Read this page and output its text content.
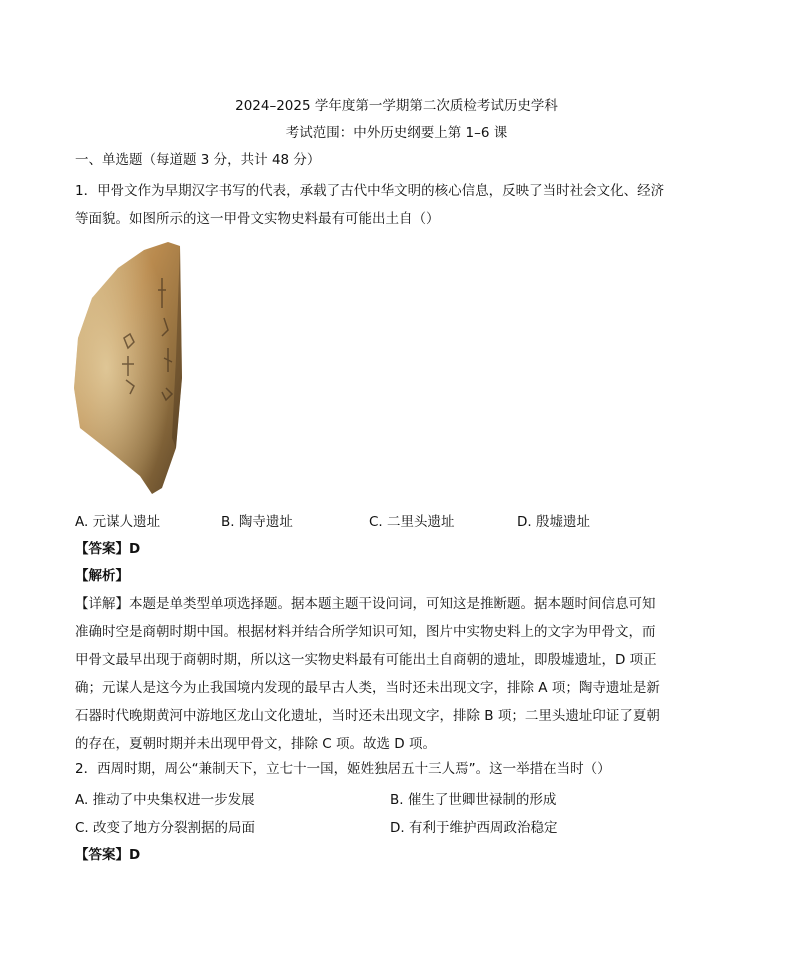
2024–2025 学年度第一学期第二次质检考试历史学科
考试范围：中外历史纲要上第 1–6 课
一、单选题（每道题 3 分，共计 48 分）
1．甲骨文作为早期汉字书写的代表，承载了古代中华文明的核心信息，反映了当时社会文化、经济
等面貌。如图所示的这一甲骨文实物史料最有可能出土自（）
A. 元谋人遗址	B. 陶寺遗址	C. 二里头遗址	D. 殷墟遗址
【答案】D
【解析】
【详解】本题是单类型单项选择题。据本题主题干设问词，可知这是推断题。据本题时间信息可知
准确时空是商朝时期中国。根据材料并结合所学知识可知，图片中实物史料上的文字为甲骨文，而
甲骨文最早出现于商朝时期，所以这一实物史料最有可能出土自商朝的遗址，即殷墟遗址，D 项正
确；元谋人是这今为止我国境内发现的最早古人类，当时还未出现文字，排除 A 项；陶寺遗址是新
石器时代晚期黄河中游地区龙山文化遗址，当时还未出现文字，排除 B 项；二里头遗址印证了夏朝
的存在，夏朝时期并未出现甲骨文，排除 C 项。故选 D 项。
2．西周时期，周公“兼制天下，立七十一国，姬姓独居五十三人焉”。这一举措在当时（）
A. 推动了中央集权进一步发展	B. 催生了世卿世禄制的形成
C. 改变了地方分裂割据的局面	D. 有利于维护西周政治稳定
【答案】D
